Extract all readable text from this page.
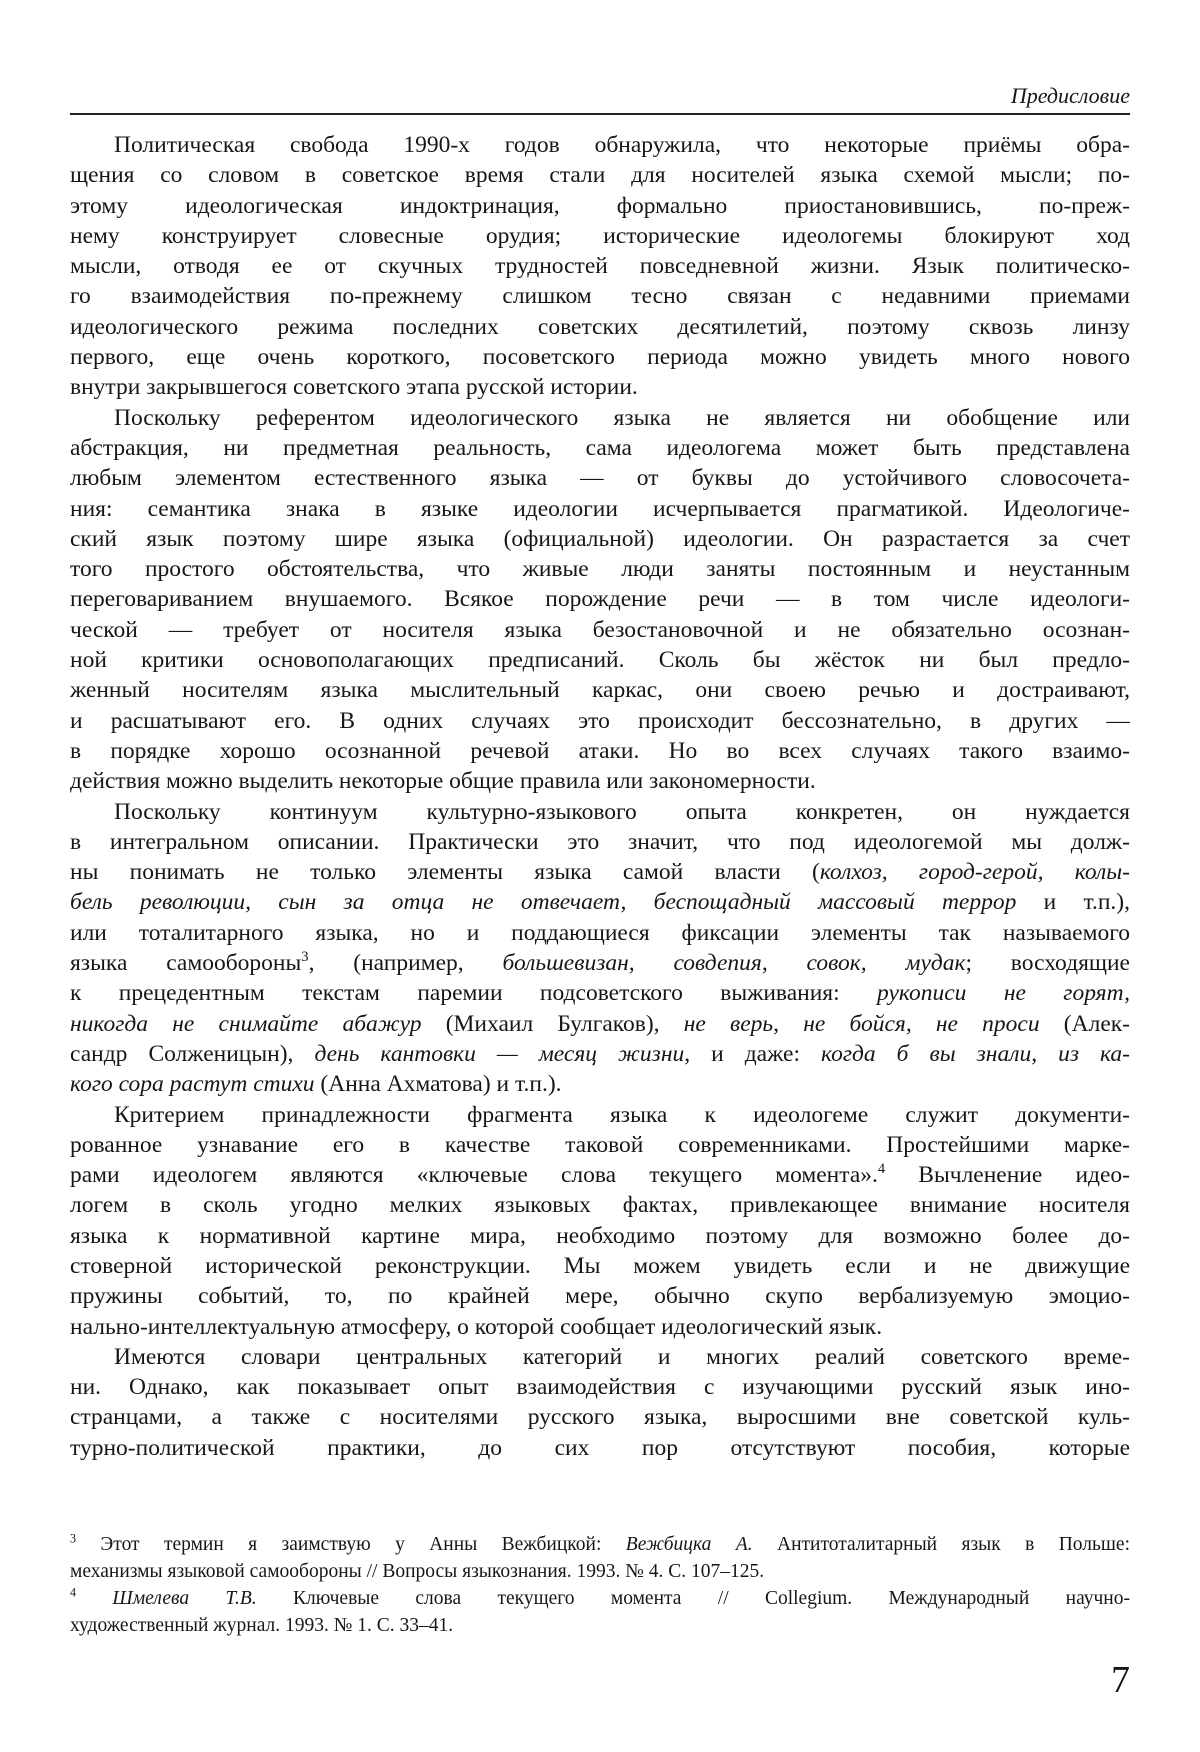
Предисловие
Политическая свобода 1990-х годов обнаружила, что некоторые приёмы обра-
щения со словом в советское время стали для носителей языка схемой мысли; по-
этому идеологическая индоктринация, формально приостановившись, по-преж-
нему конструирует словесные орудия; исторические идеологемы блокируют ход
мысли, отводя ее от скучных трудностей повседневной жизни. Язык политическо-
го взаимодействия по-прежнему слишком тесно связан с недавними приемами
идеологического режима последних советских десятилетий, поэтому сквозь линзу
первого, еще очень короткого, посоветского периода можно увидеть много нового
внутри закрывшегося советского этапа русской истории.
Поскольку референтом идеологического языка не является ни обобщение или
абстракция, ни предметная реальность, сама идеологема может быть представлена
любым элементом естественного языка — от буквы до устойчивого словосочета-
ния: семантика знака в языке идеологии исчерпывается прагматикой. Идеологиче-
ский язык поэтому шире языка (официальной) идеологии. Он разрастается за счет
того простого обстоятельства, что живые люди заняты постоянным и неустанным
переговариванием внушаемого. Всякое порождение речи — в том числе идеологи-
ческой — требует от носителя языка безостановочной и не обязательно осознан-
ной критики основополагающих предписаний. Сколь бы жёсток ни был предло-
женный носителям языка мыслительный каркас, они своею речью и достраивают,
и расшатывают его. В одних случаях это происходит бессознательно, в других —
в порядке хорошо осознанной речевой атаки. Но во всех случаях такого взаимо-
действия можно выделить некоторые общие правила или закономерности.
Поскольку континуум культурно-языкового опыта конкретен, он нуждается
в интегральном описании. Практически это значит, что под идеологемой мы долж-
ны понимать не только элементы языка самой власти (колхоз, город-герой, колы-
бель революции, сын за отца не отвечает, беспощадный массовый террор и т.п.),
или тоталитарного языка, но и поддающиеся фиксации элементы так называемого
языка самообороны$^3$, (например, большевизан, совдепия, совок, мудак; восходящие
к прецедентным текстам паремии подсоветского выживания: рукописи не горят,
никогда не снимайте абажур (Михаил Булгаков), не верь, не бойся, не проси (Алек-
сандр Солженицын), день кантовки — месяц жизни, и даже: когда б вы знали, из ка-
кого сора растут стихи (Анна Ахматова) и т.п.).
Критерием принадлежности фрагмента языка к идеологеме служит документи-
рованное узнавание его в качестве таковой современниками. Простейшими марке-
рами идеологем являются «ключевые слова текущего момента».$^4$ Вычленение идео-
логем в сколь угодно мелких языковых фактах, привлекающее внимание носителя
языка к нормативной картине мира, необходимо поэтому для возможно более до-
стоверной исторической реконструкции. Мы можем увидеть если и не движущие
пружины событий, то, по крайней мере, обычно скупо вербализуемую эмоцио-
нально-интеллектуальную атмосферу, о которой сообщает идеологический язык.
Имеются словари центральных категорий и многих реалий советского време-
ни. Однако, как показывает опыт взаимодействия с изучающими русский язык ино-
странцами, а также с носителями русского языка, выросшими вне советской куль-
турно-политической практики, до сих пор отсутствуют пособия, которые
$^3$ Этот термин я заимствую у Анны Вежбицкой: Вежбицка А. Антитоталитарный язык в Польше:
механизмы языковой самообороны // Вопросы языкознания. 1993. № 4. С. 107–125.
$^4$ Шмелева Т.В. Ключевые слова текущего момента // Collegium. Международный научно-
художественный журнал. 1993. № 1. С. 33–41.
7
